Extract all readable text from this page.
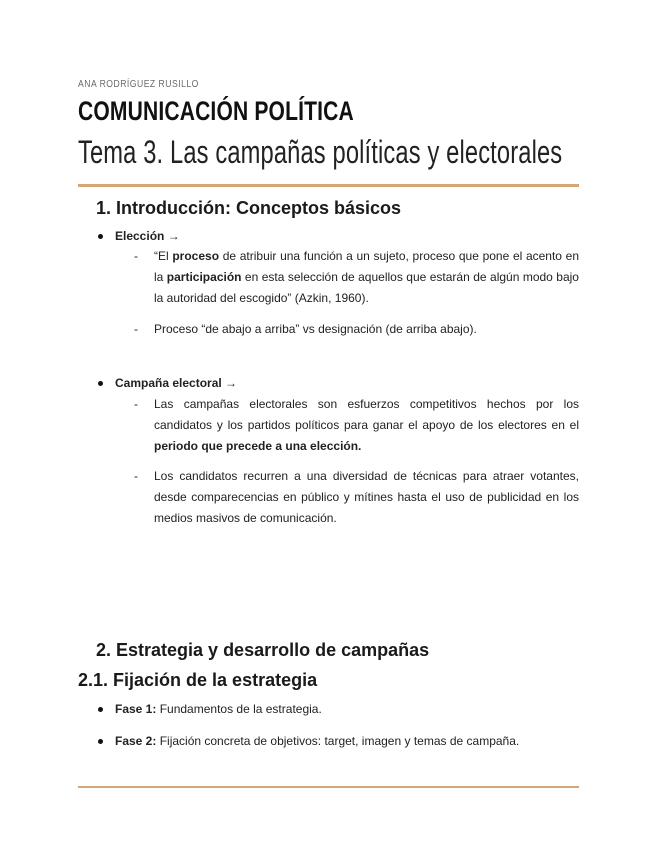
ANA RODRÍGUEZ RUSILLO
COMUNICACIÓN POLÍTICA
Tema 3. Las campañas políticas y electorales
1. Introducción: Conceptos básicos
Elección →
- “El proceso de atribuir una función a un sujeto, proceso que pone el acento en la participación en esta selección de aquellos que estarán de algún modo bajo la autoridad del escogido” (Azkin, 1960).
- Proceso “de abajo a arriba” vs designación (de arriba abajo).
Campaña electoral →
- Las campañas electorales son esfuerzos competitivos hechos por los candidatos y los partidos políticos para ganar el apoyo de los electores en el periodo que precede a una elección.
- Los candidatos recurren a una diversidad de técnicas para atraer votantes, desde comparecencias en público y mítines hasta el uso de publicidad en los medios masivos de comunicación.
2. Estrategia y desarrollo de campañas
2.1. Fijación de la estrategia
Fase 1: Fundamentos de la estrategia.
Fase 2: Fijación concreta de objetivos: target, imagen y temas de campaña.
